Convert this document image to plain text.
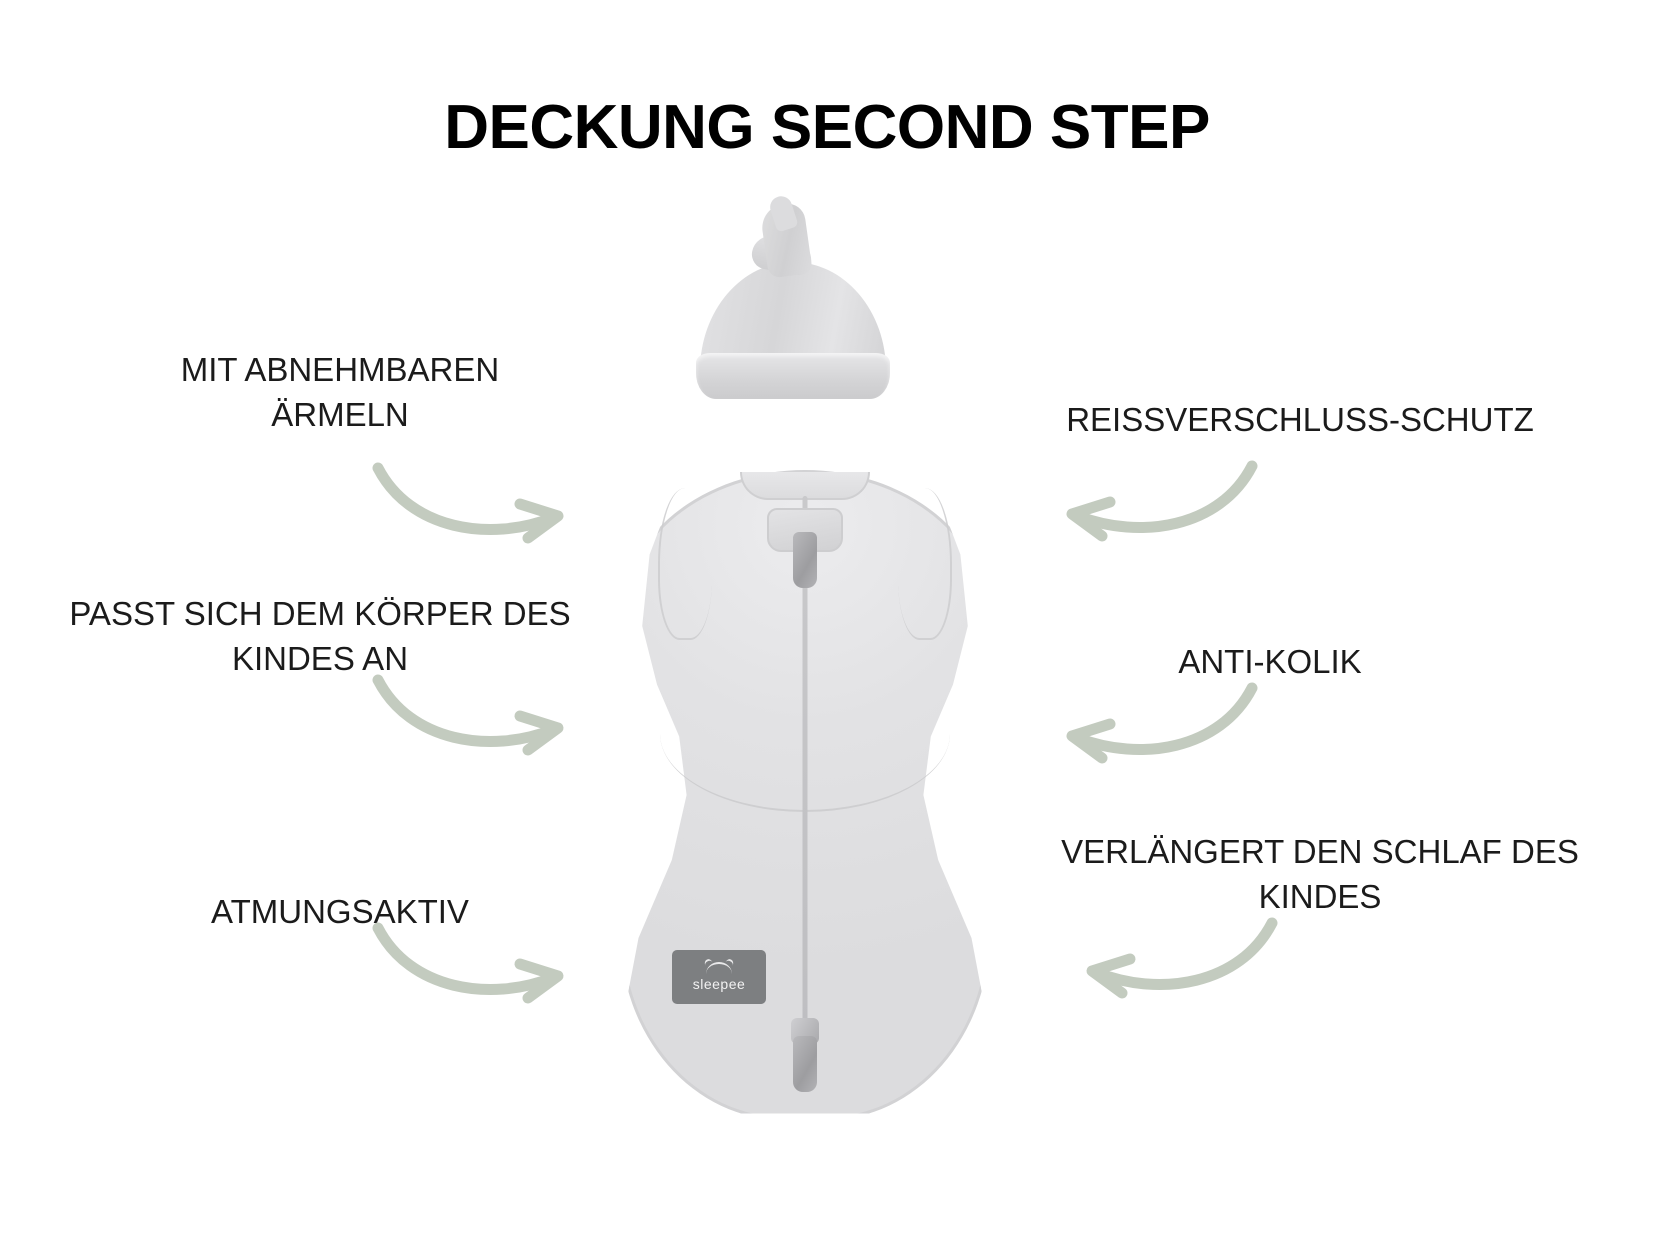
DECKUNG SECOND STEP
sleepee
MIT ABNEHMBAREN ÄRMELN
PASST SICH DEM KÖRPER DES KINDES AN
ATMUNGSAKTIV
REISSVERSCHLUSS-SCHUTZ
ANTI-KOLIK
VERLÄNGERT DEN SCHLAF DES KINDES
